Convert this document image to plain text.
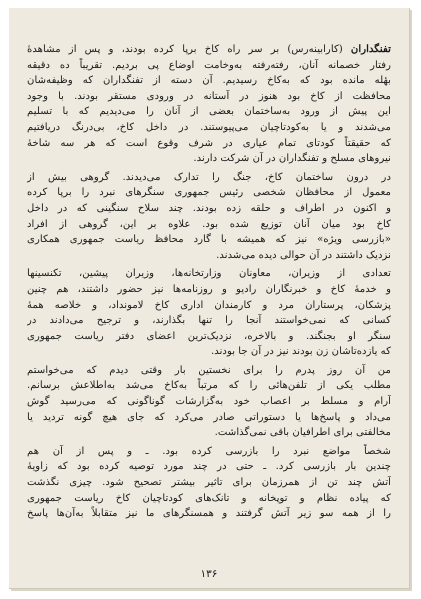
تفنگداران (کارابینه‌رس) بر سر راه کاخ برپا کرده بودند، و پس از مشاهدهٔ
رفتار خصمانه آنان، رفته‌رفته به‌وخامت اوضاع پی بردیم. تقریباً ده دقیقه
بهٔله مانده بود که به‌کاخ رسیدیم. آن دسته از تفنگداران که وظیفه‌شان
محافظت از کاخ بود هنوز در آستانه در ورودی مستقر بودند. با وجود
این پیش از ورود به‌ساختمان بعضی از آنان را می‌دیدیم که با تسلیم
می‌شدند و یا به‌کودتاچیان می‌پیوستند. در داخل کاخ، بی‌درنگ دریافتیم
که حقیقتاً کودتای تمام عیاری در شرف وقوع است که هر سه شاخهٔ
نیروهای مسلح و تفنگداران در آن شرکت دارند.
در درون ساختمان کاخ، جنگ را تدارک می‌دیدند. گروهی بیش از
معمول از محافظان شخصی رئیس جمهوری سنگرهای نبرد را برپا کرده
و اکنون در اطراف و حلقه زده بودند. چند سلاح سنگینی که در داخل
کاخ بود میان آنان توزیع شده بود. علاوه بر این، گروهی از افراد
«بازرسی ویژه» نیز که همیشه با گارد محافظ ریاست جمهوری همکاری
نزدیک داشتند در آن حوالی دیده می‌شدند.
تعدادی از وزیران، معاونان وزارتخانه‌ها، وزیران پیشین، تکنسینها
و خدمهٔ کاخ و خبرنگاران رادیو و روزنامه‌ها نیز حضور داشتند، هم چنین
پزشکان، پرستاران مرد و کارمندان اداری کاخ لامونداد، و خلاصه همهٔ
کسانی که نمی‌خواستند آنجا را تنها بگذارند، و ترجیح می‌دادند در
سنگر او بجنگند. و بالاخره، نزدیک‌ترین اعضای دفتر ریاست جمهوری
که یازده‌تاشان زن بودند نیز در آن جا بودند.
من آن روز پدرم را برای نخستین بار وقتی دیدم که می‌خواستم
مطلب یکی از تلفن‌هائی را که مرتباً به‌کاخ می‌شد به‌اطلاعش برسانم.
آرام و مسلط بر اعصاب خود به‌گزارشات گوناگونی که می‌رسید گوش
می‌داد و پاسخ‌ها یا دستوراتی صادر می‌کرد که جای هیچ گونه تردید یا
مخالفتی برای اطرافیان باقی نمی‌گذاشت.
شخصاً مواضع نبرد را بازرسی کرده بود. ـ و پس از آن هم
چندین بار بازرسی کرد. ـ حتی در چند مورد توصیه کرده بود که زاویهٔ
آتش چند تن از همرزمان برای تاثیر بیشتر تصحیح شود. چیزی نگذشت
که پیاده نظام و توپخانه و تانک‌های کودتاچیان کاخ ریاست جمهوری
را از همه سو زیر آتش گرفتند و همسنگرهای ما نیز متقابلاً به‌آن‌ها پاسخ
۱۳۶
